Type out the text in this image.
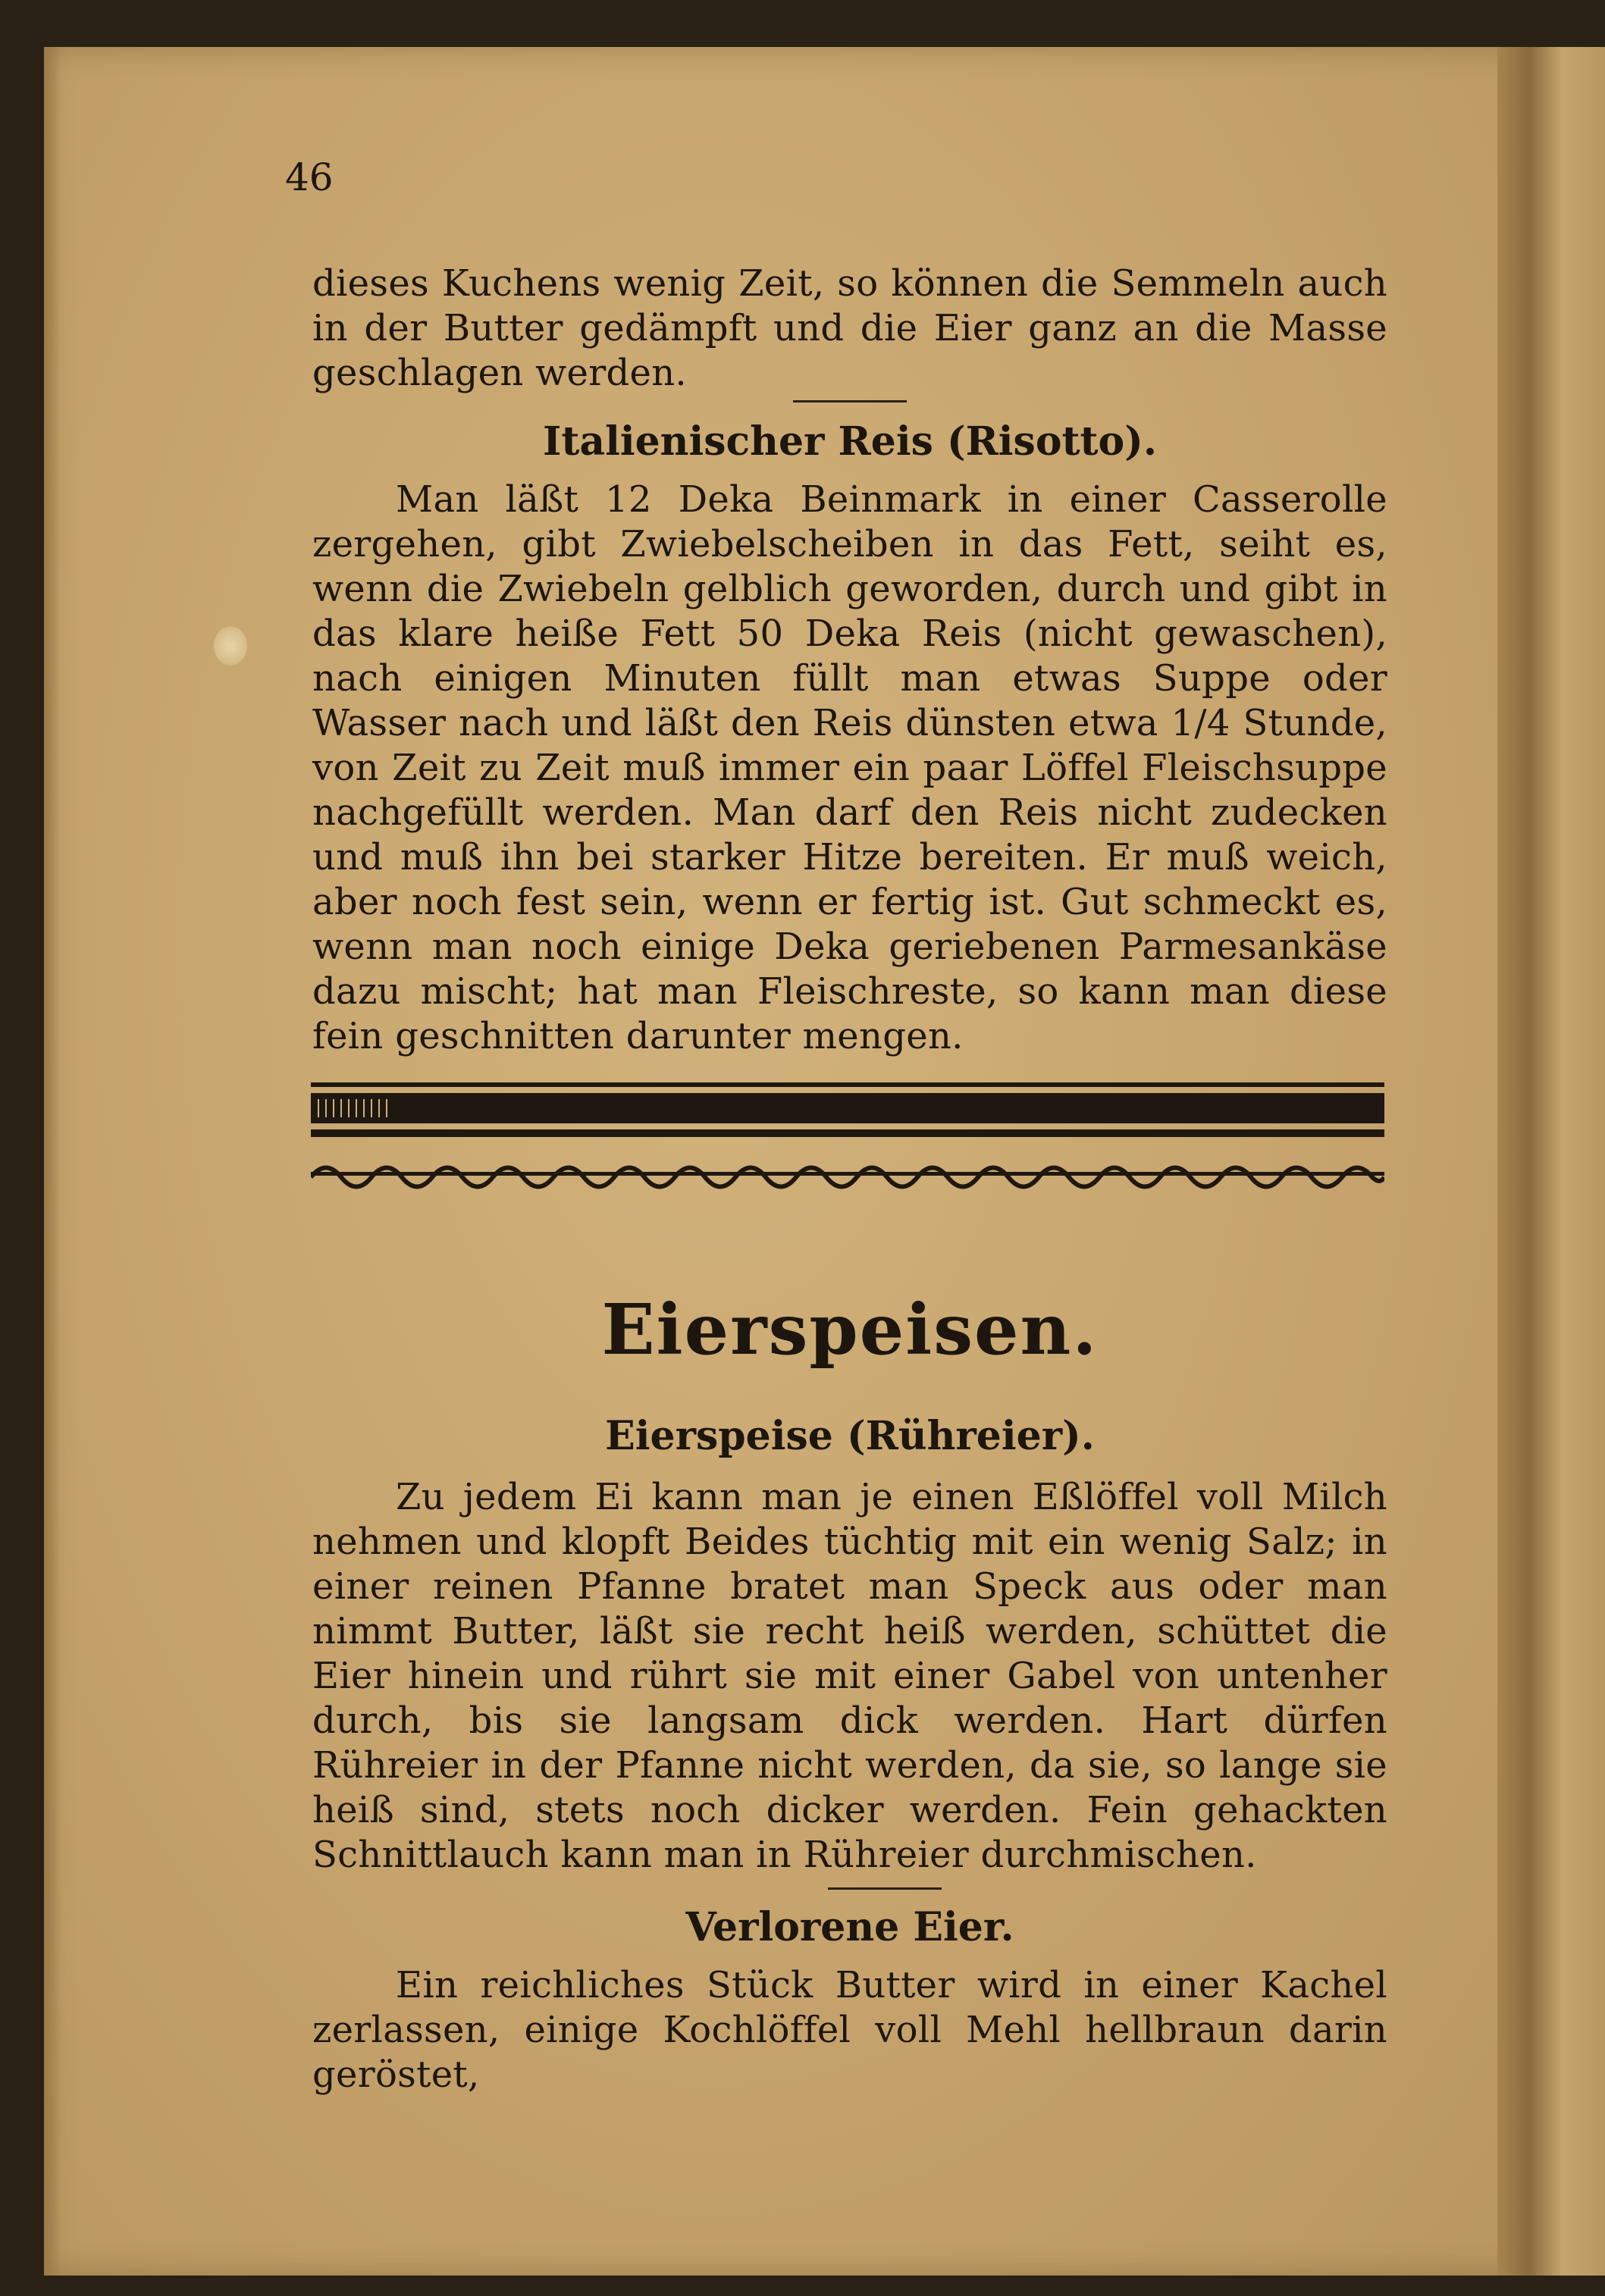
46

dieses Kuchens wenig Zeit, so können die Semmeln auch in der Butter gedämpft und die Eier ganz an die Masse geschlagen werden.

Italienischer Reis (Risotto).

Man läßt 12 Deka Beinmark in einer Casserolle zergehen, gibt Zwiebelscheiben in das Fett, seiht es, wenn die Zwiebeln gelblich geworden, durch und gibt in das klare heiße Fett 50 Deka Reis (nicht gewaschen), nach einigen Minuten füllt man etwas Suppe oder Wasser nach und läßt den Reis dünsten etwa 1/4 Stunde, von Zeit zu Zeit muß immer ein paar Löffel Fleischsuppe nachgefüllt werden. Man darf den Reis nicht zudecken und muß ihn bei starker Hitze bereiten. Er muß weich, aber noch fest sein, wenn er fertig ist. Gut schmeckt es, wenn man noch einige Deka geriebenen Parmesankäse dazu mischt; hat man Fleischreste, so kann man diese fein geschnitten darunter mengen.

Eierspeisen.
Eierspeise (Rühreier).

Zu jedem Ei kann man je einen Eßlöffel voll Milch nehmen und klopft Beides tüchtig mit ein wenig Salz; in einer reinen Pfanne bratet man Speck aus oder man nimmt Butter, läßt sie recht heiß werden, schüttet die Eier hinein und rührt sie mit einer Gabel von untenher durch, bis sie langsam dick werden. Hart dürfen Rühreier in der Pfanne nicht werden, da sie, so lange sie heiß sind, stets noch dicker werden. Fein gehackten Schnittlauch kann man in Rühreier durchmischen.

Verlorene Eier.

Ein reichliches Stück Butter wird in einer Kachel zerlassen, einige Kochlöffel voll Mehl hellbraun darin geröstet,
